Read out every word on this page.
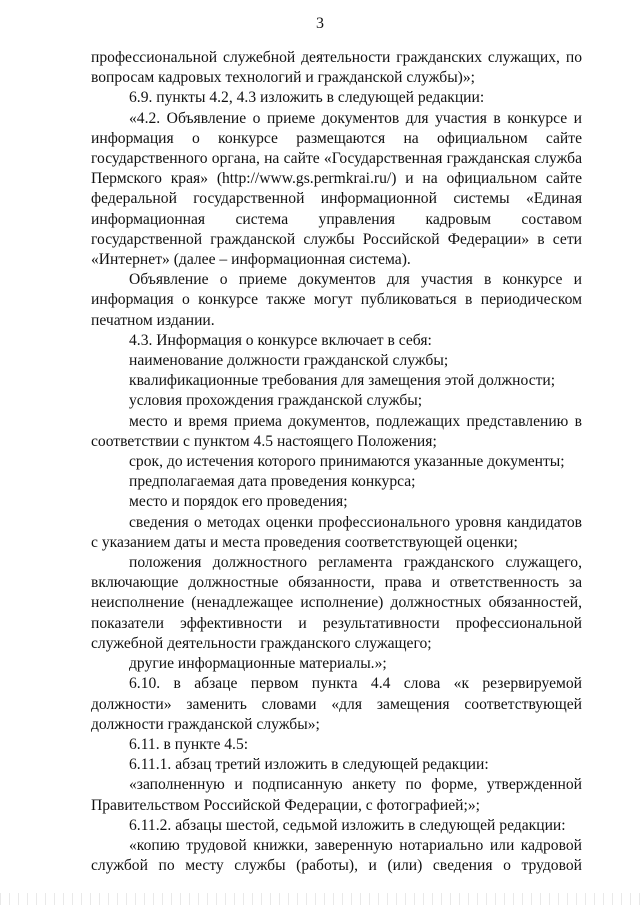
3

профессиональной служебной деятельности гражданских служащих, по вопросам кадровых технологий и гражданской службы)»;

6.9. пункты 4.2, 4.3 изложить в следующей редакции:

«4.2. Объявление о приеме документов для участия в конкурсе и информация о конкурсе размещаются на официальном сайте государственного органа, на сайте «Государственная гражданская служба Пермского края» (http://www.gs.permkrai.ru/) и на официальном сайте федеральной государственной информационной системы «Единая информационная система управления кадровым составом государственной гражданской службы Российской Федерации» в сети «Интернет» (далее – информационная система).

Объявление о приеме документов для участия в конкурсе и информация о конкурсе также могут публиковаться в периодическом печатном издании.

4.3. Информация о конкурсе включает в себя:

наименование должности гражданской службы;

квалификационные требования для замещения этой должности;

условия прохождения гражданской службы;

место и время приема документов, подлежащих представлению в соответствии с пунктом 4.5 настоящего Положения;

срок, до истечения которого принимаются указанные документы;

предполагаемая дата проведения конкурса;

место и порядок его проведения;

сведения о методах оценки профессионального уровня кандидатов с указанием даты и места проведения соответствующей оценки;

положения должностного регламента гражданского служащего, включающие должностные обязанности, права и ответственность за неисполнение (ненадлежащее исполнение) должностных обязанностей, показатели эффективности и результативности профессиональной служебной деятельности гражданского служащего;

другие информационные материалы.»;

6.10. в абзаце первом пункта 4.4 слова «к резервируемой должности» заменить словами «для замещения соответствующей должности гражданской службы»;

6.11. в пункте 4.5:

6.11.1. абзац третий изложить в следующей редакции:

«заполненную и подписанную анкету по форме, утвержденной Правительством Российской Федерации, с фотографией;»;

6.11.2. абзацы шестой, седьмой изложить в следующей редакции:

«копию трудовой книжки, заверенную нотариально или кадровой службой по месту службы (работы), и (или) сведения о трудовой
